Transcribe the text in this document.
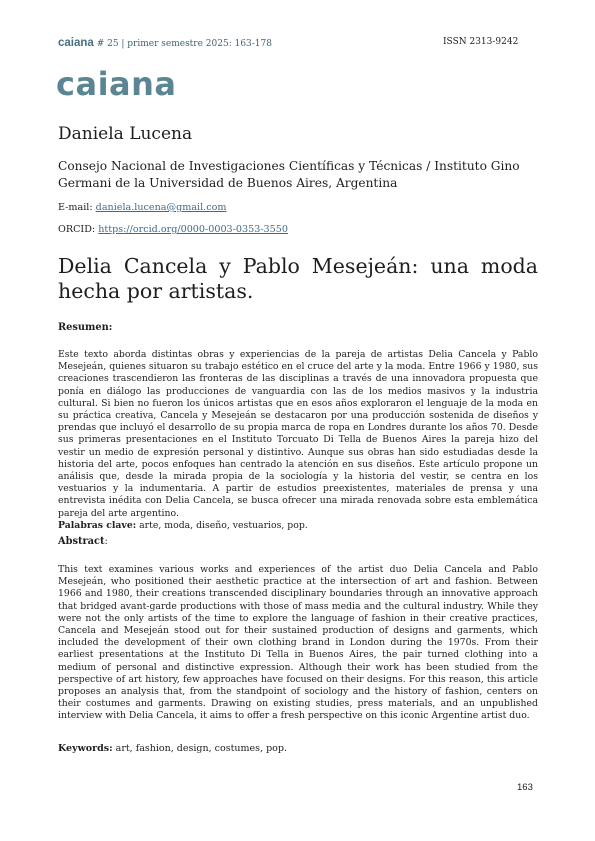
caiana # 25 | primer semestre 2025: 163-178	ISSN 2313-9242
caiana
Daniela Lucena
Consejo Nacional de Investigaciones Científicas y Técnicas / Instituto Gino Germani de la Universidad de Buenos Aires, Argentina
E-mail: daniela.lucena@gmail.com
ORCID: https://orcid.org/0000-0003-0353-3550
Delia Cancela y Pablo Mesejeán: una moda
hecha por artistas.
Resumen:
Este texto aborda distintas obras y experiencias de la pareja de artistas Delia Cancela y Pablo Mesejeán, quienes situaron su trabajo estético en el cruce del arte y la moda. Entre 1966 y 1980, sus creaciones trascendieron las fronteras de las disciplinas a través de una innovadora propuesta que ponía en diálogo las producciones de vanguardia con las de los medios masivos y la industria cultural. Si bien no fueron los únicos artistas que en esos años exploraron el lenguaje de la moda en su práctica creativa, Cancela y Mesejeán se destacaron por una producción sostenida de diseños y prendas que incluyó el desarrollo de su propia marca de ropa en Londres durante los años 70. Desde sus primeras presentaciones en el Instituto Torcuato Di Tella de Buenos Aires la pareja hizo del vestir un medio de expresión personal y distintivo. Aunque sus obras han sido estudiadas desde la historia del arte, pocos enfoques han centrado la atención en sus diseños. Este artículo propone un análisis que, desde la mirada propia de la sociología y la historia del vestir, se centra en los vestuarios y la indumentaria. A partir de estudios preexistentes, materiales de prensa y una entrevista inédita con Delia Cancela, se busca ofrecer una mirada renovada sobre esta emblemática pareja del arte argentino.
Palabras clave: arte, moda, diseño, vestuarios, pop.
Abstract:
This text examines various works and experiences of the artist duo Delia Cancela and Pablo Mesejeán, who positioned their aesthetic practice at the intersection of art and fashion. Between 1966 and 1980, their creations transcended disciplinary boundaries through an innovative approach that bridged avant-garde productions with those of mass media and the cultural industry. While they were not the only artists of the time to explore the language of fashion in their creative practices, Cancela and Mesejeán stood out for their sustained production of designs and garments, which included the development of their own clothing brand in London during the 1970s. From their earliest presentations at the Instituto Di Tella in Buenos Aires, the pair turned clothing into a medium of personal and distinctive expression. Although their work has been studied from the perspective of art history, few approaches have focused on their designs. For this reason, this article proposes an analysis that, from the standpoint of sociology and the history of fashion, centers on their costumes and garments. Drawing on existing studies, press materials, and an unpublished interview with Delia Cancela, it aims to offer a fresh perspective on this iconic Argentine artist duo.
Keywords: art, fashion, design, costumes, pop.
163
